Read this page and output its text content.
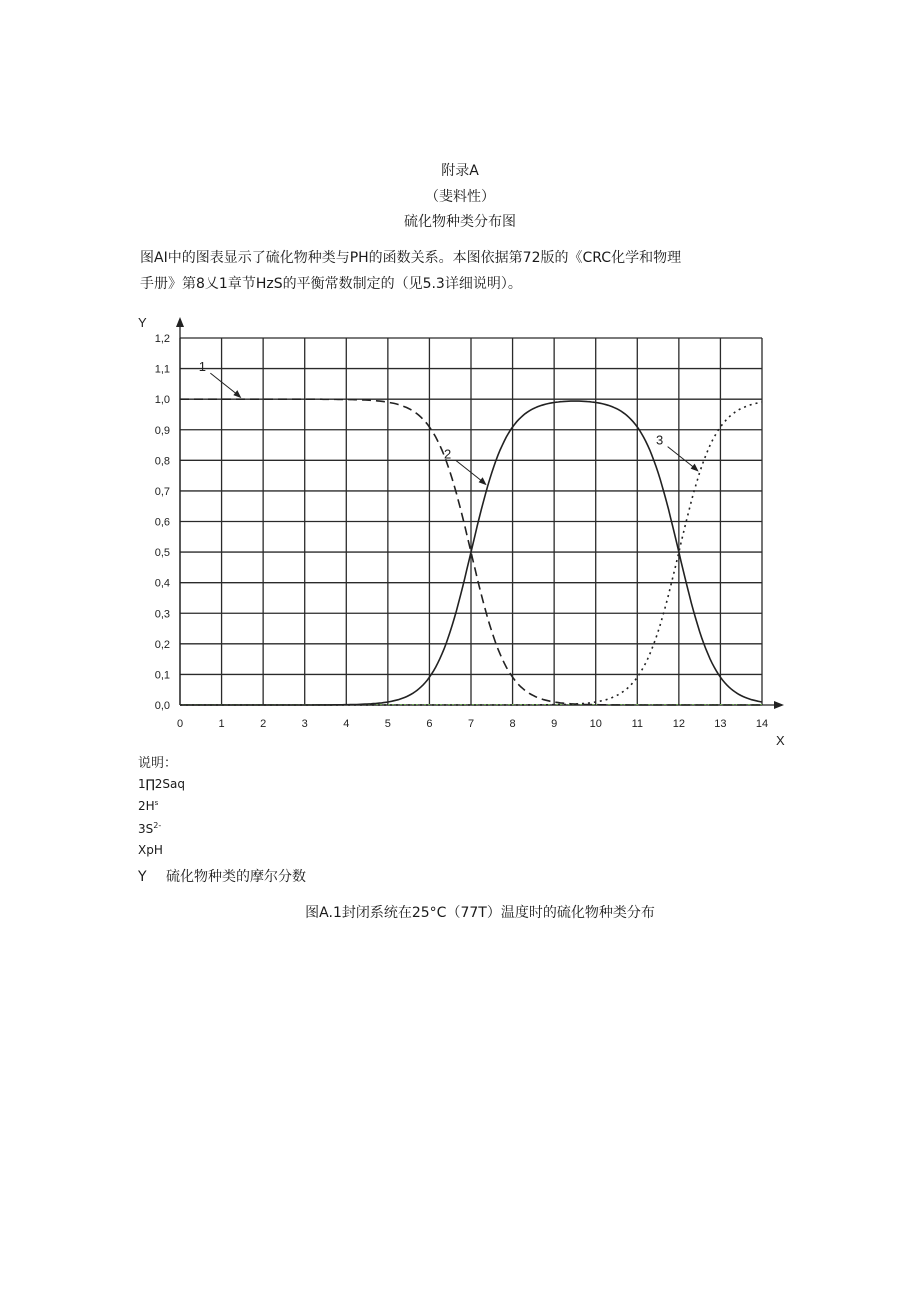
附录A
（斐料性）
硫化物种类分布图
图AI中的图表显示了硫化物种类与PH的函数关系。本图依据第72版的《CRC化学和物理
手册》第8乂1章节HzS的平衡常数制定的（见5.3详细说明）。
1
2
3
0,0
0,1
0,2
0,3
0,4
0,5
0,6
0,7
0,8
0,9
1,0
1,1
1,2
0	1	2	3	4	5	6	7	8	9	10	11	12	13	14
Y
X
说明：
1∏2Saq
$2H^s$
$3S^{2-}$
XpH
Y 硫化物种类的摩尔分数
图A.1封闭系统在25°C（77T）温度时的硫化物种类分布
